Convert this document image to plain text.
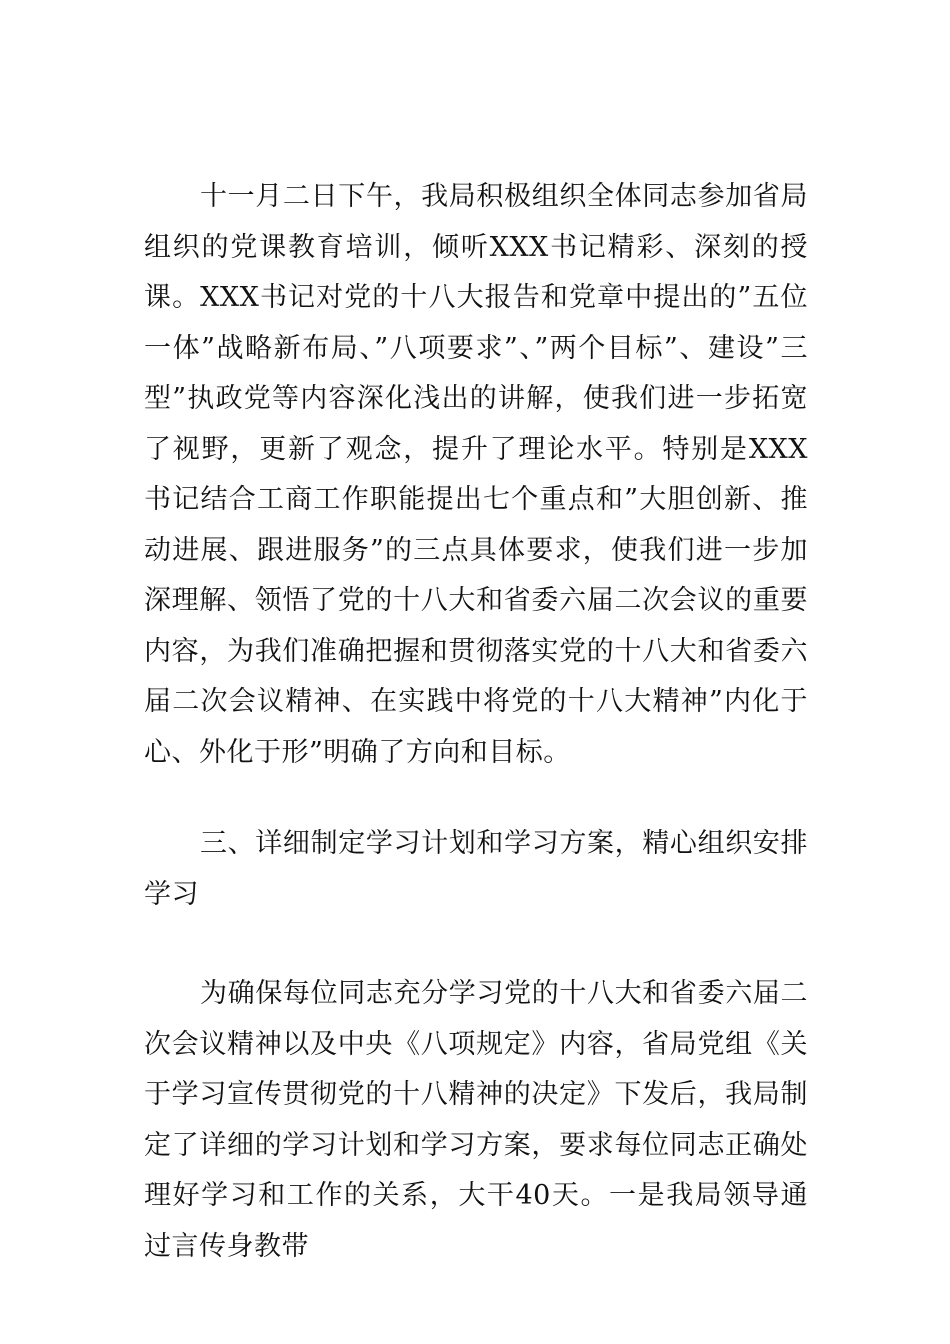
十一月二日下午，我局积极组织全体同志参加省局组织的党课教育培训，倾听XXX书记精彩、深刻的授课。XXX书记对党的十八大报告和党章中提出的”五位一体”战略新布局、”八项要求”、”两个目标”、建设”三型”执政党等内容深化浅出的讲解，使我们进一步拓宽了视野，更新了观念，提升了理论水平。特别是XXX书记结合工商工作职能提出七个重点和”大胆创新、推动进展、跟进服务”的三点具体要求，使我们进一步加深理解、领悟了党的十八大和省委六届二次会议的重要内容，为我们准确把握和贯彻落实党的十八大和省委六届二次会议精神、在实践中将党的十八大精神”内化于心、外化于形”明确了方向和目标。

三、详细制定学习计划和学习方案，精心组织安排学习

为确保每位同志充分学习党的十八大和省委六届二次会议精神以及中央《八项规定》内容，省局党组《关于学习宣传贯彻党的十八精神的决定》下发后，我局制定了详细的学习计划和学习方案，要求每位同志正确处理好学习和工作的关系，大干40天。一是我局领导通过言传身教带
